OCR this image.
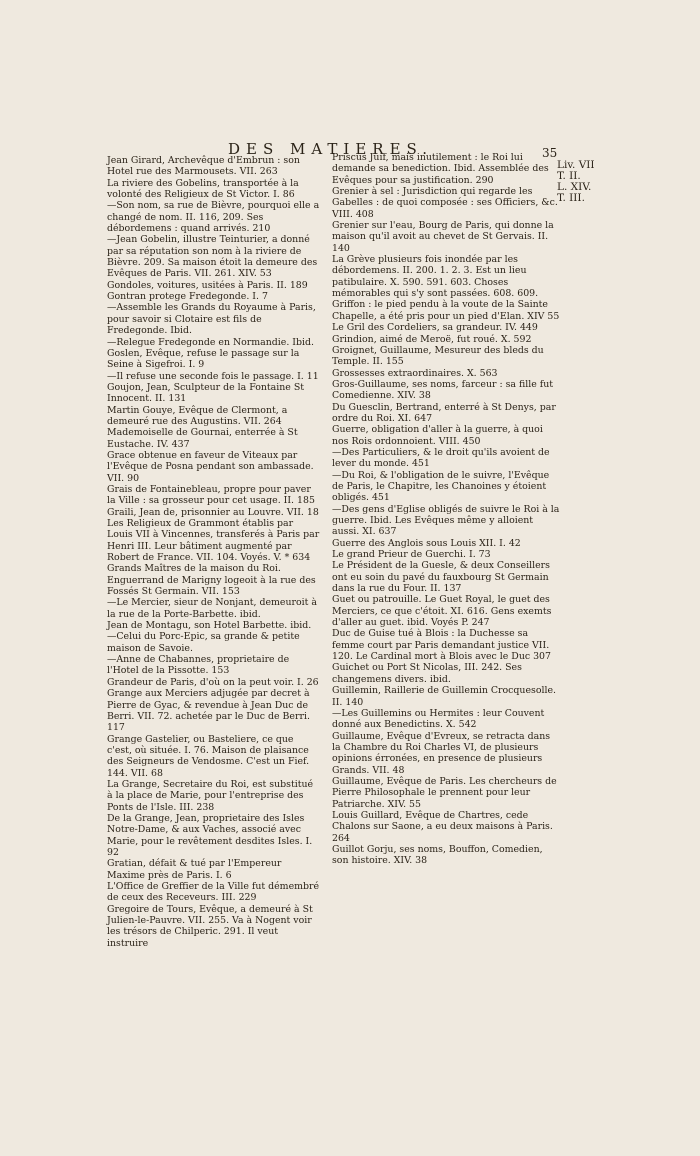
DES MATIERES.	35
Liv. VII
T. II.
L. XIV.
T. III.

Jean Girard, Archevêque d'Embrun : son Hotel rue des Marmousets. VII. 263

La riviere des Gobelins, transportée à la volonté des Religieux de St Victor. I. 86

—Son nom, sa rue de Bièvre, pourquoi elle a changé de nom. II. 116, 209. Ses débordemens : quand arrivés. 210

—Jean Gobelin, illustre Teinturier, a donné par sa réputation son nom à la riviere de Bièvre. 209. Sa maison étoit la demeure des Evêques de Paris. VII. 261. XIV. 53

Gondoles, voitures, usitées à Paris. II. 189

Gontran protege Fredegonde. I. 7

—Assemble les Grands du Royaume à Paris, pour savoir si Clotaire est fils de Fredegonde. Ibid.

—Relegue Fredegonde en Normandie. Ibid.

Goslen, Evêque, refuse le passage sur la Seine à Sigefroi. I. 9

—Il refuse une seconde fois le passage. I. 11

Goujon, Jean, Sculpteur de la Fontaine St Innocent. II. 131

Martin Gouye, Evêque de Clermont, a demeuré rue des Augustins. VII. 264

Mademoiselle de Gournai, enterrée à St Eustache. IV. 437

Grace obtenue en faveur de Viteaux par l'Evêque de Posna pendant son ambassade. VII. 90

Grais de Fontainebleau, propre pour paver la Ville : sa grosseur pour cet usage. II. 185

Graili, Jean de, prisonnier au Louvre. VII. 18

Les Religieux de Grammont établis par Louis VII à Vincennes, transferés à Paris par Henri III. Leur bâtiment augmenté par Robert de France. VII. 104. Voyés. V. * 634

Grands Maîtres de la maison du Roi. Enguerrand de Marigny logeoit à la rue des Fossés St Germain. VII. 153

—Le Mercier, sieur de Nonjant, demeuroit à la rue de la Porte-Barbette. ibid.

Jean de Montagu, son Hotel Barbette. ibid.

—Celui du Porc-Epic, sa grande & petite maison de Savoie.

—Anne de Chabannes, proprietaire de l'Hotel de la Pissotte. 153

Grandeur de Paris, d'où on la peut voir. I. 26

Grange aux Merciers adjugée par decret à Pierre de Gyac, & revendue à Jean Duc de Berri. VII. 72. achetée par le Duc de Berri. 117

Grange Gastelier, ou Basteliere, ce que c'est, où située. I. 76. Maison de plaisance des Seigneurs de Vendosme. C'est un Fief. 144. VII. 68

La Grange, Secretaire du Roi, est substitué à la place de Marie, pour l'entreprise des Ponts de l'Isle. III. 238

De la Grange, Jean, proprietaire des Isles Notre-Dame, & aux Vaches, associé avec Marie, pour le revêtement desdites Isles. I. 92

Gratian, défait & tué par l'Empereur Maxime près de Paris. I. 6

L'Office de Greffier de la Ville fut démembré de ceux des Receveurs. III. 229

Gregoire de Tours, Evêque, a demeuré à St Julien-le-Pauvre. VII. 255. Va à Nogent voir les trésors de Chilperic. 291. Il veut instruire

Priscus Juif, mais inutilement : le Roi lui demande sa benediction. Ibid. Assemblée des Evêques pour sa justification. 290

Grenier à sel : Jurisdiction qui regarde les Gabelles : de quoi composée : ses Officiers, &c. VIII. 408

Grenier sur l'eau, Bourg de Paris, qui donne la maison qu'il avoit au chevet de St Gervais. II. 140

La Grève plusieurs fois inondée par les débordemens. II. 200. 1. 2. 3. Est un lieu patibulaire. X. 590. 591. 603. Choses mémorables qui s'y sont passées. 608. 609.

Griffon : le pied pendu à la voute de la Sainte Chapelle, a été pris pour un pied d'Elan. XIV 55

Le Gril des Cordeliers, sa grandeur. IV. 449

Grindion, aimé de Meroë, fut roué. X. 592

Groignet, Guillaume, Mesureur des bleds du Temple. II. 155

Grossesses extraordinaires. X. 563

Gros-Guillaume, ses noms, farceur : sa fille fut Comedienne. XIV. 38

Du Guesclin, Bertrand, enterré à St Denys, par ordre du Roi. XI. 647

Guerre, obligation d'aller à la guerre, à quoi nos Rois ordonnoient. VIII. 450

—Des Particuliers, & le droit qu'ils avoient de lever du monde. 451

—Du Roi, & l'obligation de le suivre, l'Evêque de Paris, le Chapitre, les Chanoines y étoient obligés. 451

—Des gens d'Eglise obligés de suivre le Roi à la guerre. Ibid. Les Evêques même y alloient aussi. XI. 637

Guerre des Anglois sous Louis XII. I. 42

Le grand Prieur de Guerchi. I. 73

Le Président de la Guesle, & deux Conseillers ont eu soin du pavé du fauxbourg St Germain dans la rue du Four. II. 137

Guet ou patrouille. Le Guet Royal, le guet des Merciers, ce que c'étoit. XI. 616. Gens exemts d'aller au guet. ibid. Voyés P. 247

Duc de Guise tué à Blois : la Duchesse sa femme court par Paris demandant justice VII. 120. Le Cardinal mort à Blois avec le Duc 307

Guichet ou Port St Nicolas, III. 242. Ses changemens divers. ibid.

Guillemin, Raillerie de Guillemin Crocquesolle. II. 140

—Les Guillemins ou Hermites : leur Couvent donné aux Benedictins. X. 542

Guillaume, Evêque d'Evreux, se retracta dans la Chambre du Roi Charles VI, de plusieurs opinions érronées, en presence de plusieurs Grands. VII. 48

Guillaume, Evêque de Paris. Les chercheurs de Pierre Philosophale le prennent pour leur Patriarche. XIV. 55

Louis Guillard, Evêque de Chartres, cede Chalons sur Saone, a eu deux maisons à Paris. 264

Guillot Gorju, ses noms, Bouffon, Comedien, son histoire. XIV. 38
